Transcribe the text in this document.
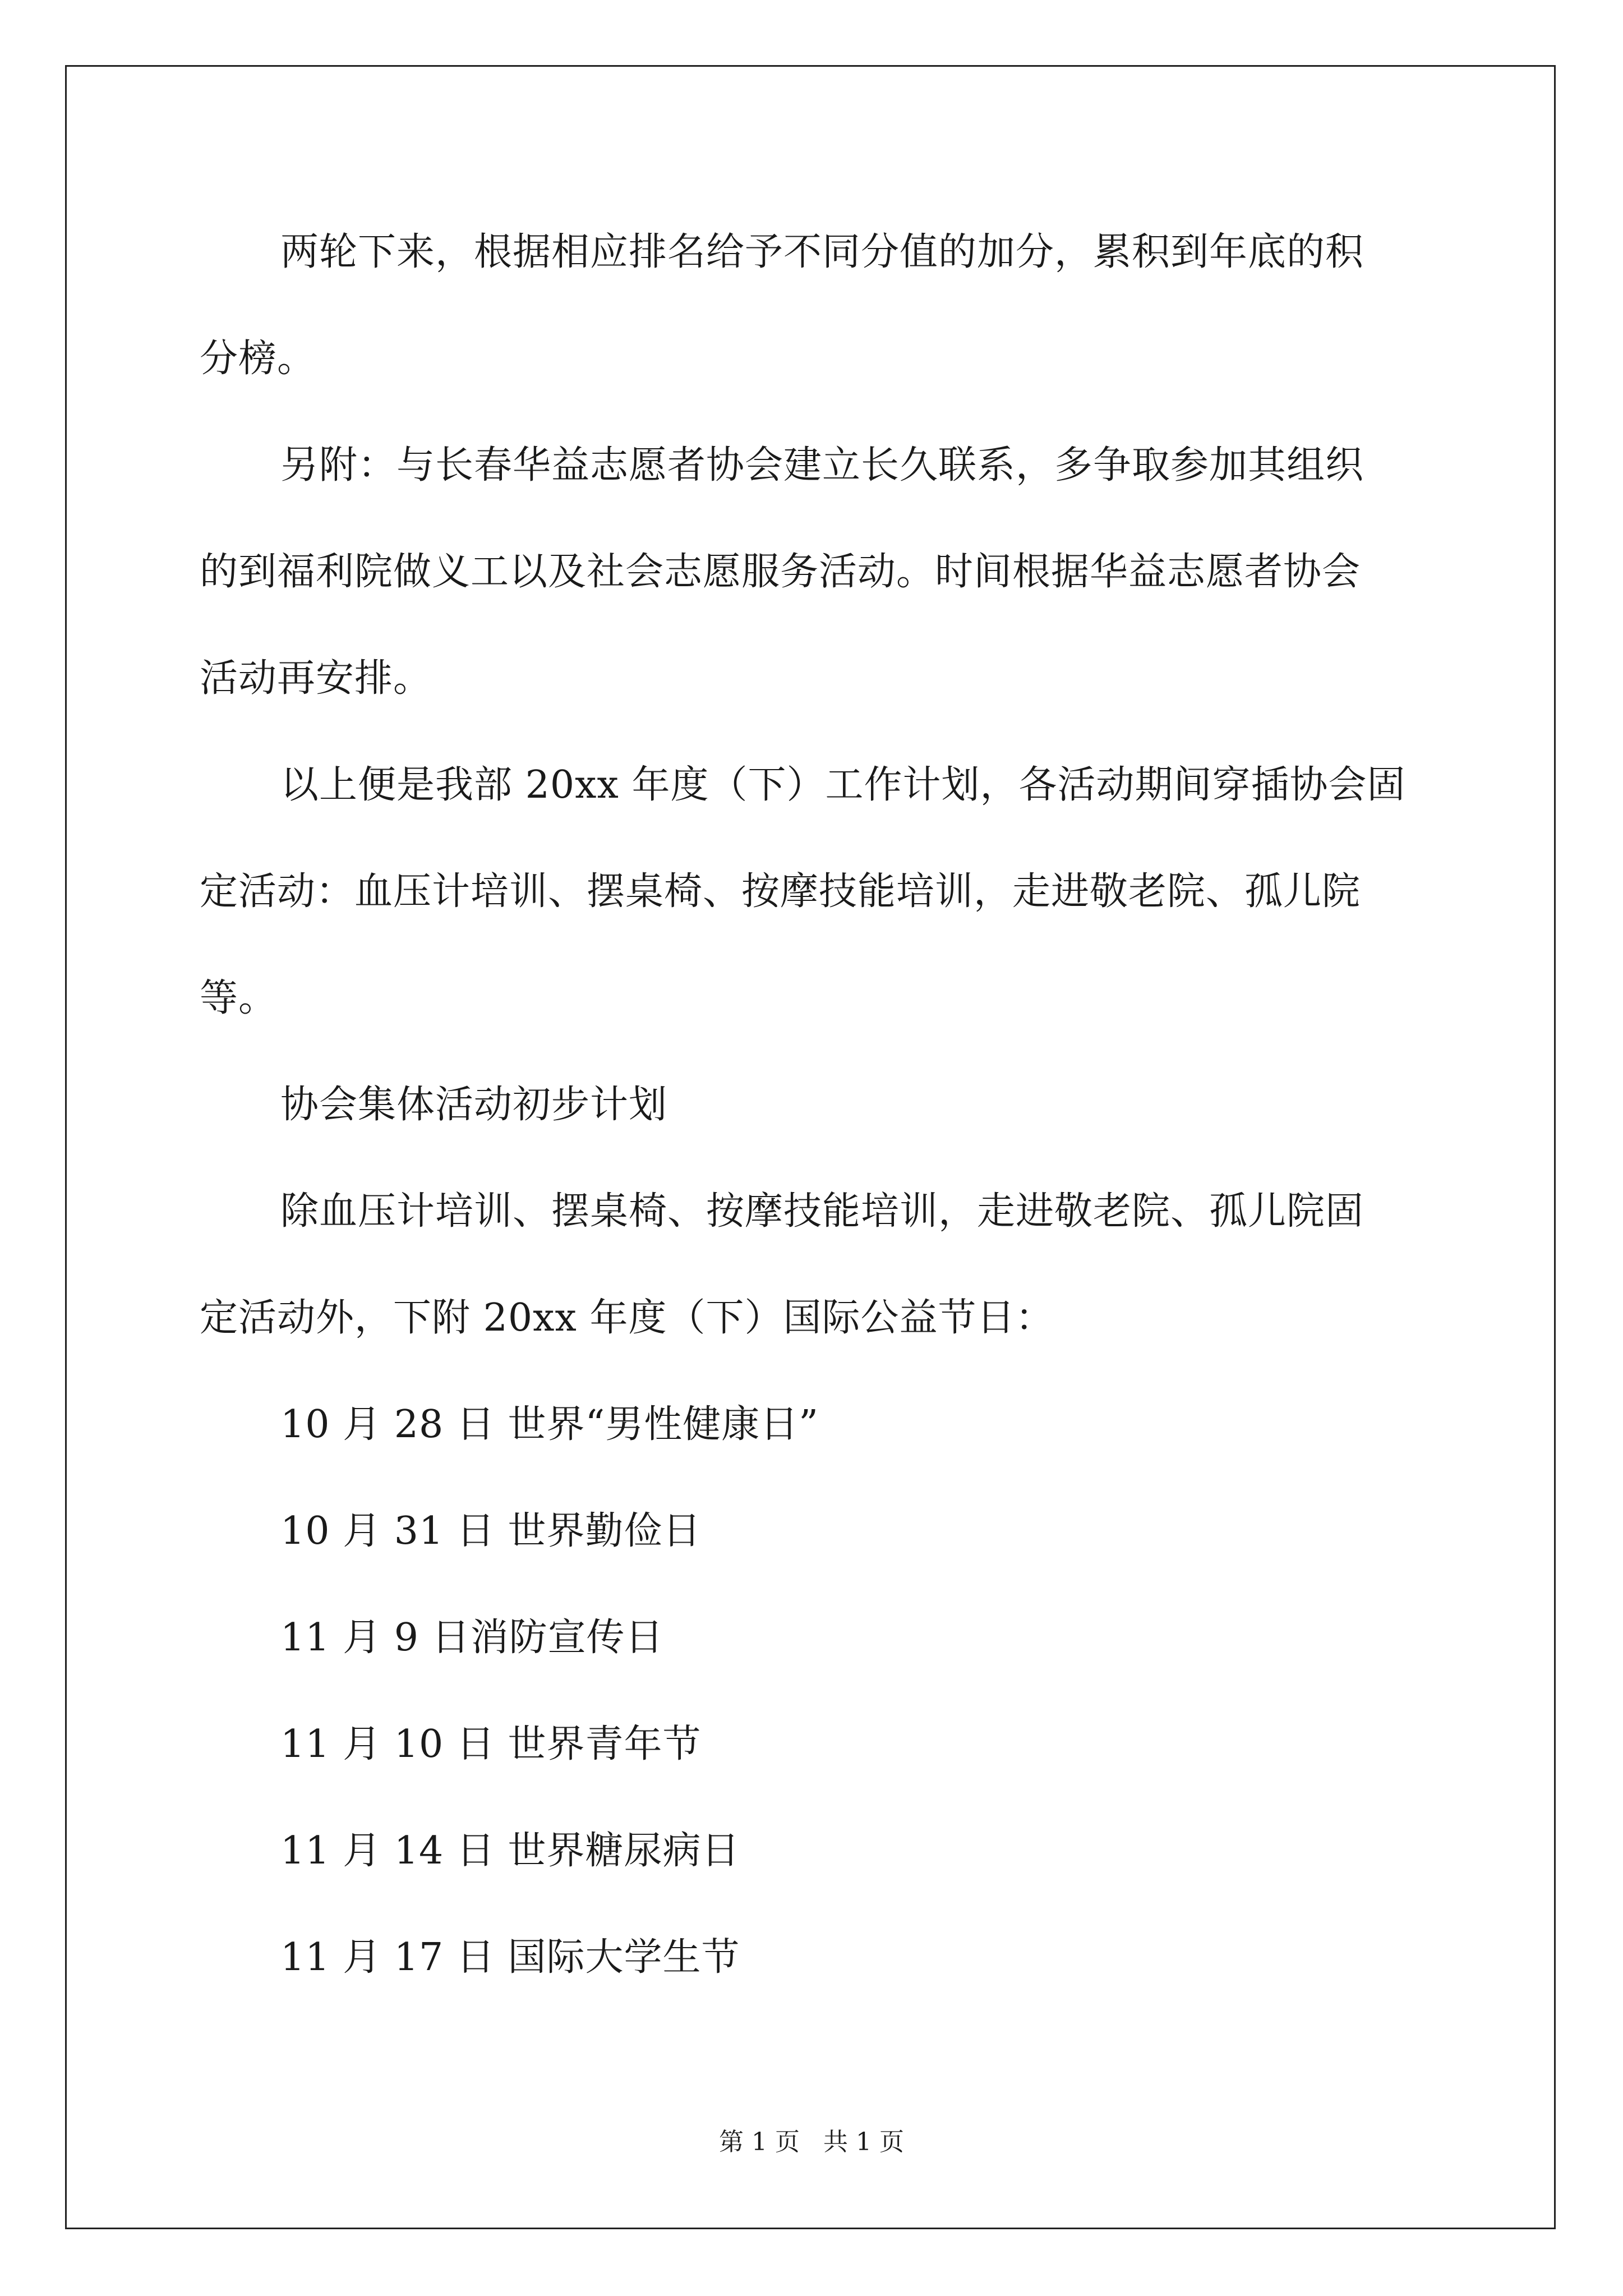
两轮下来，根据相应排名给予不同分值的加分，累积到年底的积
分榜。
另附：与长春华益志愿者协会建立长久联系，多争取参加其组织
的到福利院做义工以及社会志愿服务活动。时间根据华益志愿者协会
活动再安排。
以上便是我部 20xx 年度（下）工作计划，各活动期间穿插协会固
定活动：血压计培训、摆桌椅、按摩技能培训，走进敬老院、孤儿院
等。
协会集体活动初步计划
除血压计培训、摆桌椅、按摩技能培训，走进敬老院、孤儿院固
定活动外，下附 20xx 年度（下）国际公益节日：
10 月 28 日 世界“男性健康日”
10 月 31 日 世界勤俭日
11 月 9 日消防宣传日
11 月 10 日 世界青年节
11 月 14 日 世界糖尿病日
11 月 17 日 国际大学生节
第 1 页 共 1 页
